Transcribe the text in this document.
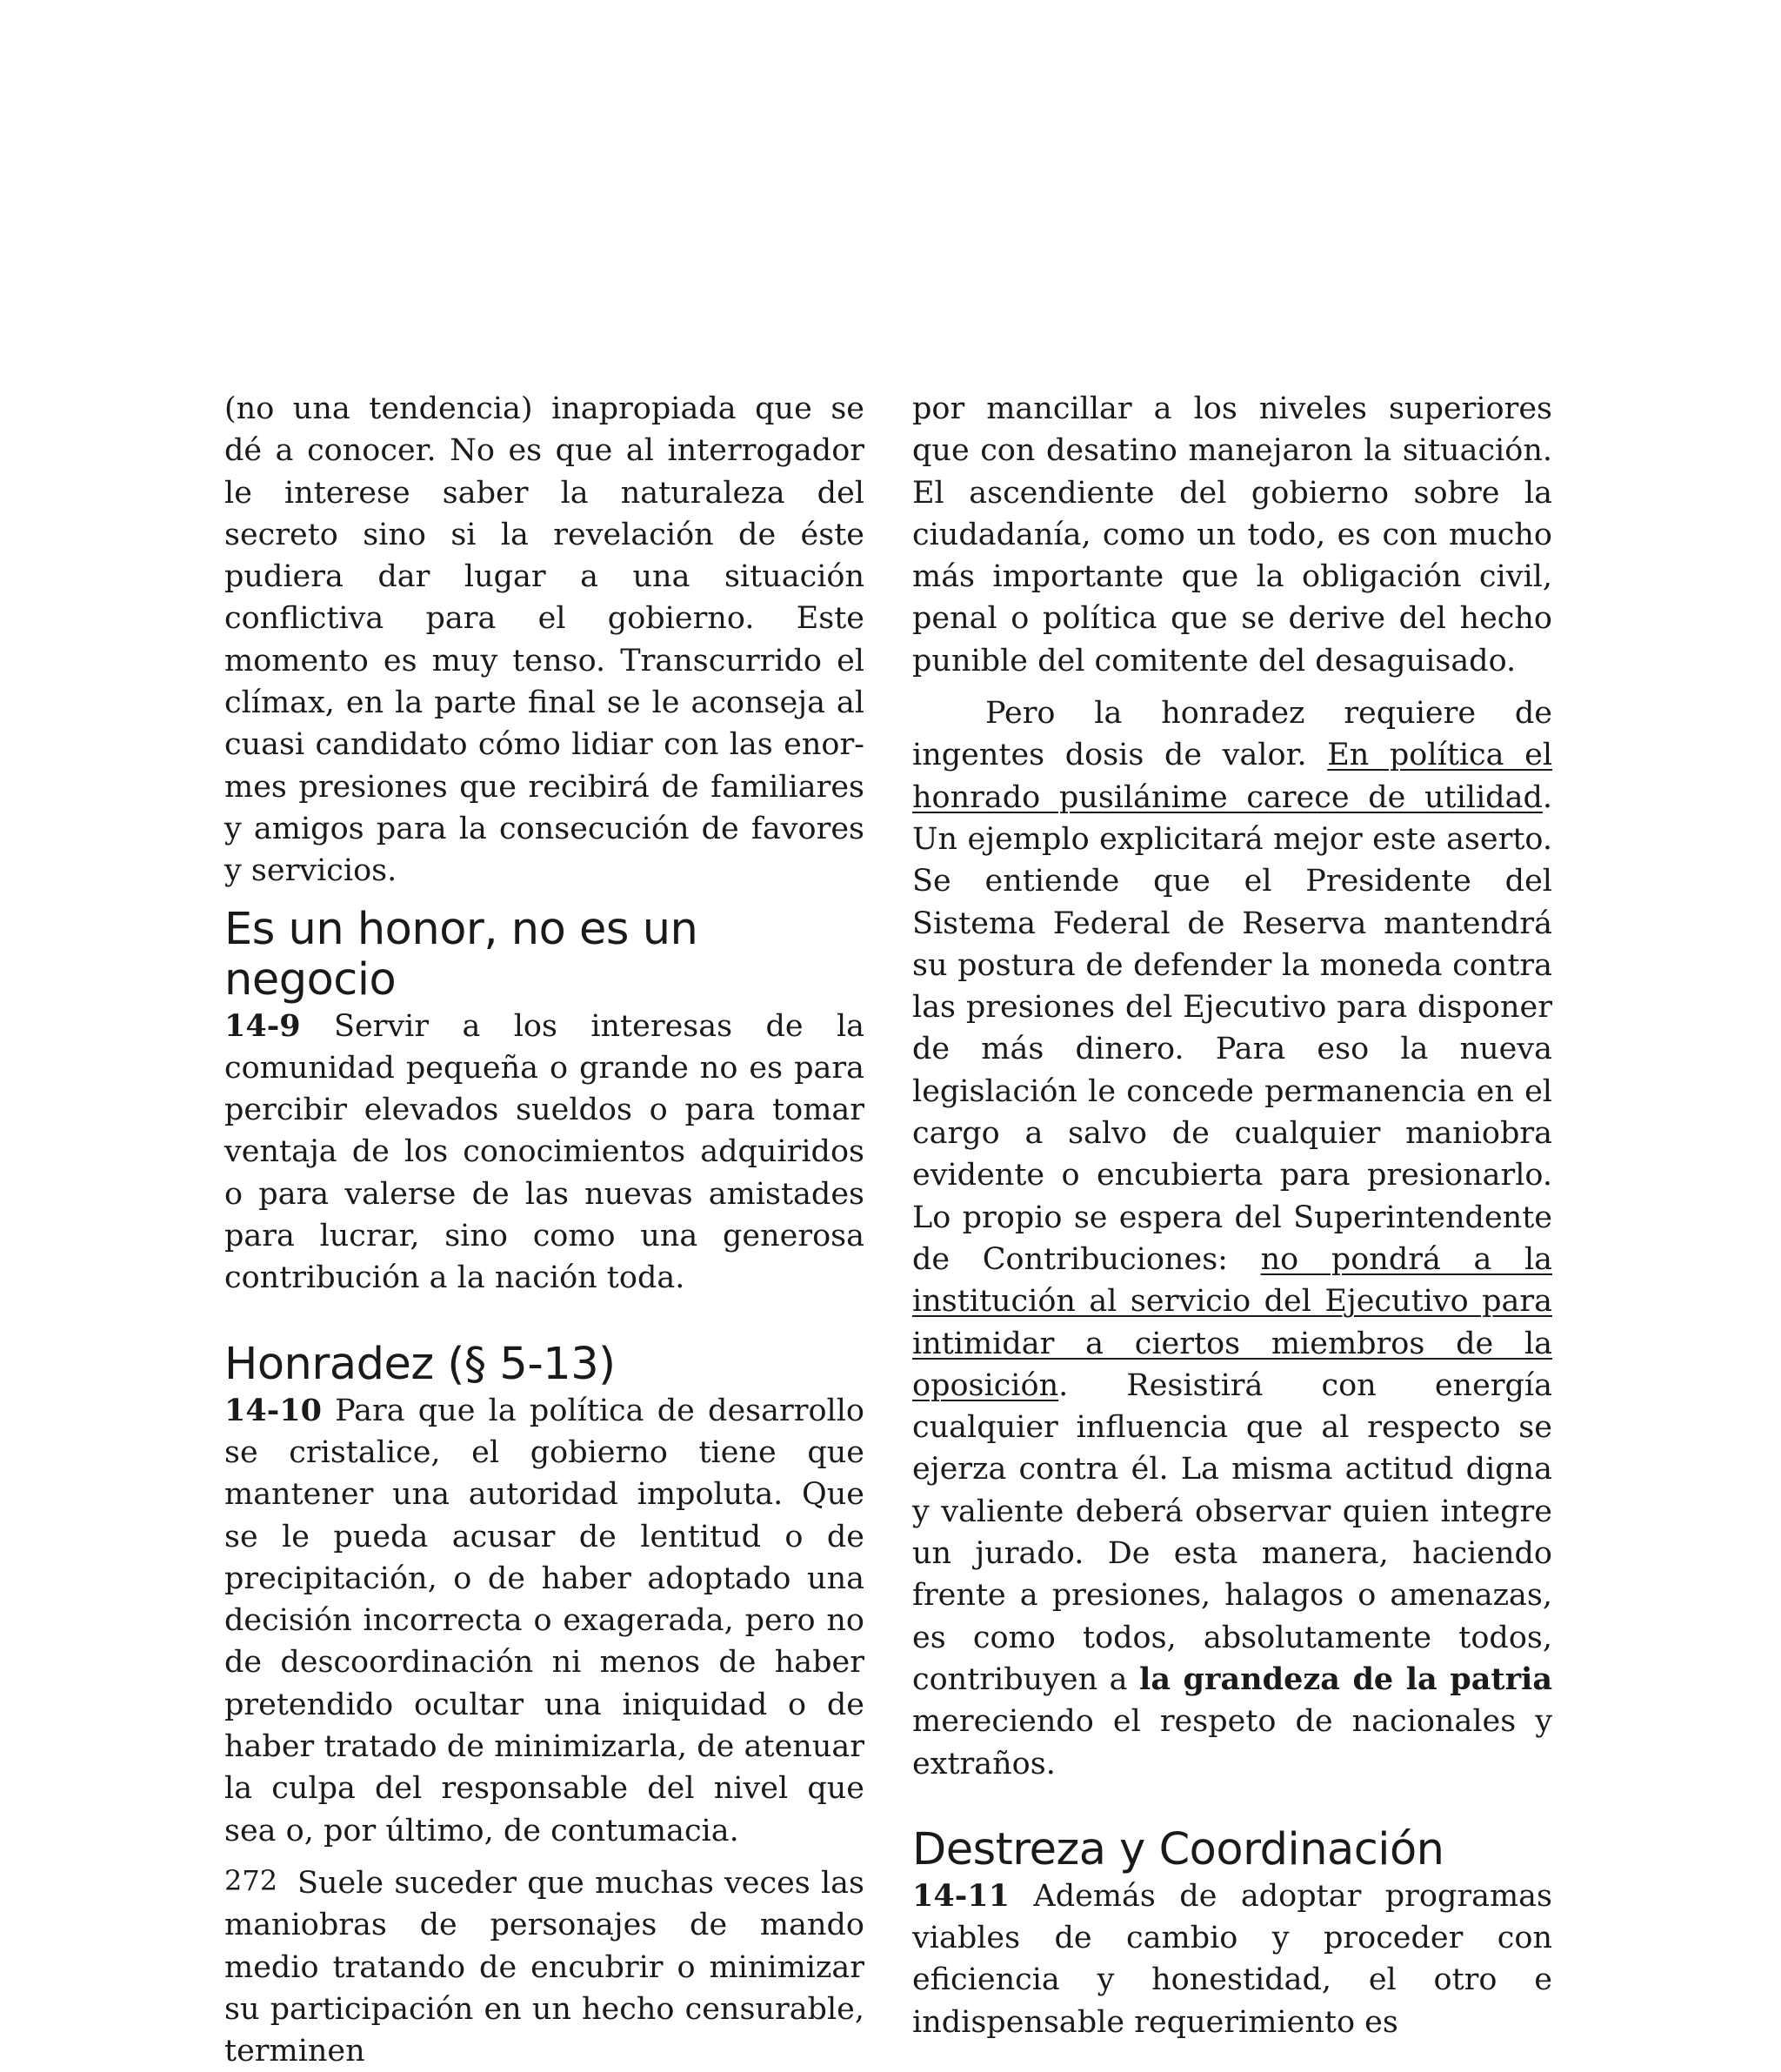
(no una tendencia) inapropiada que se dé a conocer. No es que al interrogador le interese saber la naturaleza del secreto sino si la revelación de éste pudiera dar lugar a una situación conflictiva para el gobierno. Este momento es muy tenso. Transcurrido el clímax, en la parte final se le aconseja al cuasi candidato cómo lidiar con las enormes presiones que recibirá de familiares y amigos para la consecución de favores y servicios.

Es un honor, no es un negocio

14-9 Servir a los interesas de la comunidad pequeña o grande no es para percibir elevados sueldos o para tomar ventaja de los conocimientos adquiridos o para valerse de las nuevas amistades para lucrar, sino como una generosa contribución a la nación toda.

Honradez (§ 5-13)

14-10 Para que la política de desarrollo se cristalice, el gobierno tiene que mantener una autoridad impoluta. Que se le pueda acusar de lentitud o de precipitación, o de haber adoptado una decisión incorrecta o exagerada, pero no de descoordinación ni menos de haber pretendido ocultar una iniquidad o de haber tratado de minimizarla, de atenuar la culpa del responsable del nivel que sea o, por último, de contumacia.

Suele suceder que muchas veces las maniobras de personajes de mando medio tratando de encubrir o minimizar su participación en un hecho censurable, terminen

por mancillar a los niveles superiores que con desatino manejaron la situación. El ascendiente del gobierno sobre la ciudadanía, como un todo, es con mucho más importante que la obligación civil, penal o política que se derive del hecho punible del comitente del desaguisado.

Pero la honradez requiere de ingentes dosis de valor. En política el honrado pusilánime carece de utilidad. Un ejemplo explicitará mejor este aserto. Se entiende que el Presidente del Sistema Federal de Reserva mantendrá su postura de defender la moneda contra las presiones del Ejecutivo para disponer de más dinero. Para eso la nueva legislación le concede permanencia en el cargo a salvo de cualquier maniobra evidente o encubierta para presionarlo. Lo propio se espera del Superintendente de Contribuciones: no pondrá a la institución al servicio del Ejecutivo para intimidar a ciertos miembros de la oposición. Resistirá con energía cualquier influencia que al respecto se ejerza contra él. La misma actitud digna y valiente deberá observar quien integre un jurado. De esta manera, haciendo frente a presiones, halagos o amenazas, es como todos, absolutamente todos, contribuyen a la grandeza de la patria mereciendo el respeto de nacionales y extraños.

Destreza y Coordinación

14-11 Además de adoptar programas viables de cambio y proceder con eficiencia y honestidad, el otro e indispensable requerimiento es

272
